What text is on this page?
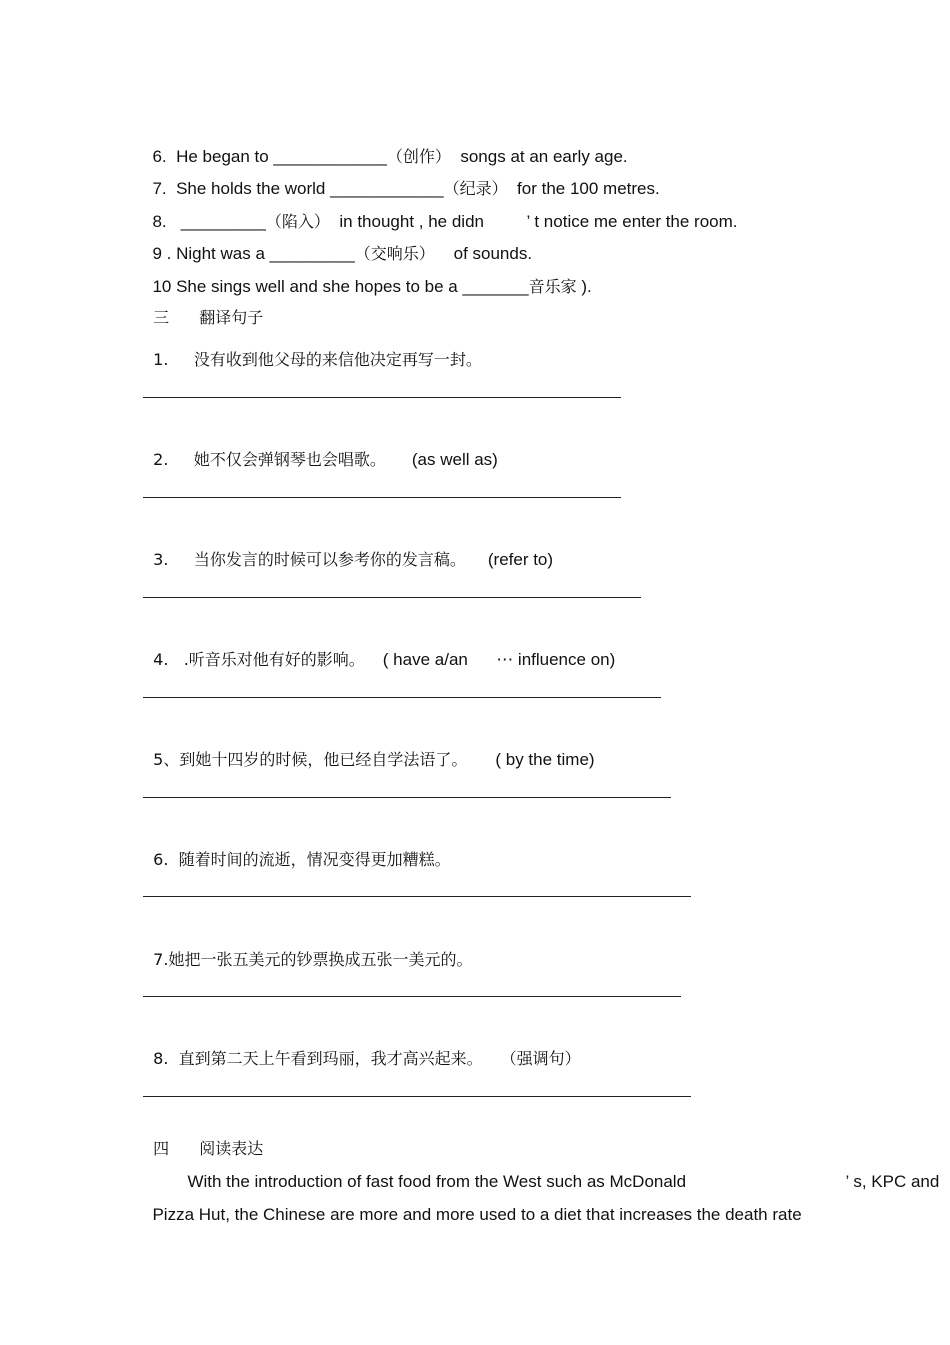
6.  He began to ____________（创作）  songs at an early age.

7.  She holds the world ____________（纪录）  for the 100 metres.

8.   _________（陷入）  in thought , he didn         ’ t notice me enter the room.

9 . Night was a _________（交响乐）    of sounds.

10 She sings well and she hopes to be a _______音乐家 ).

三 翻译句子

1.     没有收到他父母的来信他决定再写一封。

2.     她不仅会弹钢琴也会唱歌。 (as well as)

3.     当你发言的时候可以参考你的发言稿。 (refer to)

4.   .听音乐对他有好的影响。 ( have a/an      ⋯ influence on)

5、到她十四岁的时候，他已经自学法语了。 ( by the time)

6.  随着时间的流逝，情况变得更加糟糕。

7.她把一张五美元的钞票换成五张一美元的。

8.  直到第二天上午看到玛丽，我才高兴起来。 （强调句）

四 阅读表达

With the introduction of fast food from the West such as McDonald	’ s, KPC and

Pizza Hut, the Chinese are more and more used to a diet that increases the death rate
